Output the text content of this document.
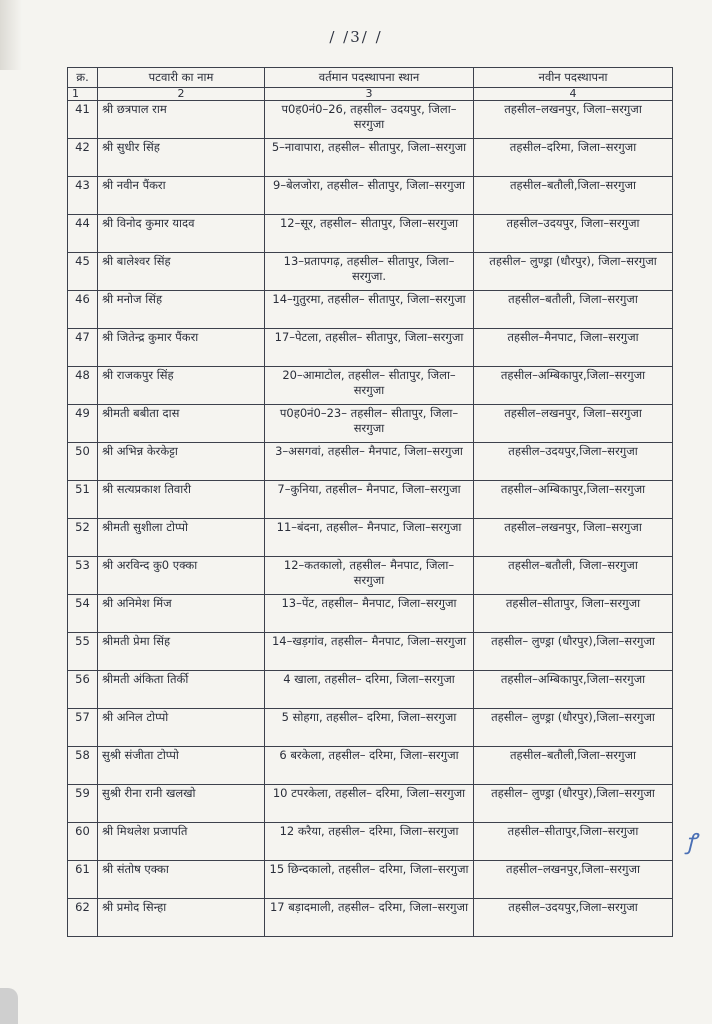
/ /3/ /
क्र.	पटवारी का नाम	वर्तमान पदस्थापना स्थान	नवीन पदस्थापना
1	2	3	4
41	श्री छत्रपाल राम	प0ह0नं0–26, तहसील– उदयपुर, जिला–सरगुजा	तहसील–लखनपुर, जिला–सरगुजा
42	श्री सुधीर सिंह	5–नावापारा, तहसील– सीतापुर, जिला–सरगुजा	तहसील–दरिमा, जिला–सरगुजा
43	श्री नवीन पैंकरा	9–बेलजोरा, तहसील– सीतापुर, जिला–सरगुजा	तहसील–बतौली,जिला–सरगुजा
44	श्री विनोद कुमार यादव	12–सूर, तहसील– सीतापुर, जिला–सरगुजा	तहसील–उदयपुर, जिला–सरगुजा
45	श्री बालेश्वर सिंह	13–प्रतापगढ़, तहसील– सीतापुर, जिला–सरगुजा.	तहसील– लुण्ड्रा (धौरपुर), जिला–सरगुजा
46	श्री मनोज सिंह	14–गुतुरमा, तहसील– सीतापुर, जिला–सरगुजा	तहसील–बतौली, जिला–सरगुजा
47	श्री जितेन्द्र कुमार पैंकरा	17–पेटला, तहसील– सीतापुर, जिला–सरगुजा	तहसील–मैनपाट, जिला–सरगुजा
48	श्री राजकपुर सिंह	20–आमाटोल, तहसील– सीतापुर, जिला–सरगुजा	तहसील–अम्बिकापुर,जिला–सरगुजा
49	श्रीमती बबीता दास	प0ह0नं0–23– तहसील– सीतापुर, जिला–सरगुजा	तहसील–लखनपुर, जिला–सरगुजा
50	श्री अभिन्न केरकेट्टा	3–असगवां, तहसील– मैनपाट, जिला–सरगुजा	तहसील–उदयपुर,जिला–सरगुजा
51	श्री सत्यप्रकाश तिवारी	7–कुनिया, तहसील– मैनपाट, जिला–सरगुजा	तहसील–अम्बिकापुर,जिला–सरगुजा
52	श्रीमती सुशीला टोप्पो	11–बंदना, तहसील– मैनपाट, जिला–सरगुजा	तहसील–लखनपुर, जिला–सरगुजा
53	श्री अरविन्द कु0 एक्का	12–कतकालो, तहसील– मैनपाट, जिला–सरगुजा	तहसील–बतौली, जिला–सरगुजा
54	श्री अनिमेश मिंज	13–पेंट, तहसील– मैनपाट, जिला–सरगुजा	तहसील–सीतापुर, जिला–सरगुजा
55	श्रीमती प्रेमा सिंह	14–खड़गांव, तहसील– मैनपाट, जिला–सरगुजा	तहसील– लुण्ड्रा (धौरपुर),जिला–सरगुजा
56	श्रीमती अंकिता तिर्की	4 खाला, तहसील– दरिमा, जिला–सरगुजा	तहसील–अम्बिकापुर,जिला–सरगुजा
57	श्री अनिल टोप्पो	5 सोहगा, तहसील– दरिमा, जिला–सरगुजा	तहसील– लुण्ड्रा (धौरपुर),जिला–सरगुजा
58	सुश्री संजीता टोप्पो	6 बरकेला, तहसील– दरिमा, जिला–सरगुजा	तहसील–बतौली,जिला–सरगुजा
59	सुश्री रीना रानी खलखो	10 टपरकेला, तहसील– दरिमा, जिला–सरगुजा	तहसील– लुण्ड्रा (धौरपुर),जिला–सरगुजा
60	श्री मिथलेश प्रजापति	12 करैया, तहसील– दरिमा, जिला–सरगुजा	तहसील–सीतापुर,जिला–सरगुजा
61	श्री संतोष एक्का	15 छिन्दकालो, तहसील– दरिमा, जिला–सरगुजा	तहसील–लखनपुर,जिला–सरगुजा
62	श्री प्रमोद सिन्हा	17 बड़ादमाली, तहसील– दरिमा, जिला–सरगुजा	तहसील–उदयपुर,जिला–सरगुजा
ꝭ
